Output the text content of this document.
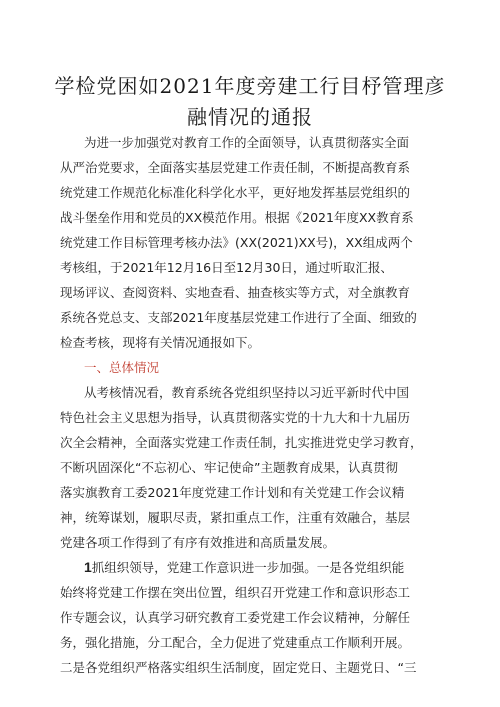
学检党困如2021年度旁建工行目杼管理彦
融情况的通报
为进一步加强党对教育工作的全面领导，认真贯彻落实全面
从严治党要求，全面落实基层党建工作责任制，不断提高教育系
统党建工作规范化标准化科学化水平，更好地发挥基层党组织的
战斗堡垒作用和党员的XX模范作用。根据《2021年度XX教育系
统党建工作目标管理考核办法》(XX(2021)XX号)，XX组成两个
考核组，于2021年12月16日至12月30日，通过听取汇报、
现场评议、查阅资料、实地查看、抽查核实等方式，对全旗教育
系统各党总支、支部2021年度基层党建工作进行了全面、细致的
检查考核，现将有关情况通报如下。
一、总体情况
从考核情况看，教育系统各党组织坚持以习近平新时代中国
特色社会主义思想为指导，认真贯彻落实党的十九大和十九届历
次全会精神，全面落实党建工作责任制，扎实推进党史学习教育，
不断巩固深化“不忘初心、牢记使命”主题教育成果，认真贯彻
落实旗教育工委2021年度党建工作计划和有关党建工作会议精
神，统筹谋划，履职尽责，紧扣重点工作，注重有效融合，基层
党建各项工作得到了有序有效推进和高质量发展。
1抓组织领导，党建工作意识进一步加强。一是各党组织能
始终将党建工作摆在突出位置，组织召开党建工作和意识形态工
作专题会议，认真学习研究教育工委党建工作会议精神，分解任
务，强化措施，分工配合，全力促进了党建重点工作顺利开展。
二是各党组织严格落实组织生活制度，固定党日、主题党日、“三
